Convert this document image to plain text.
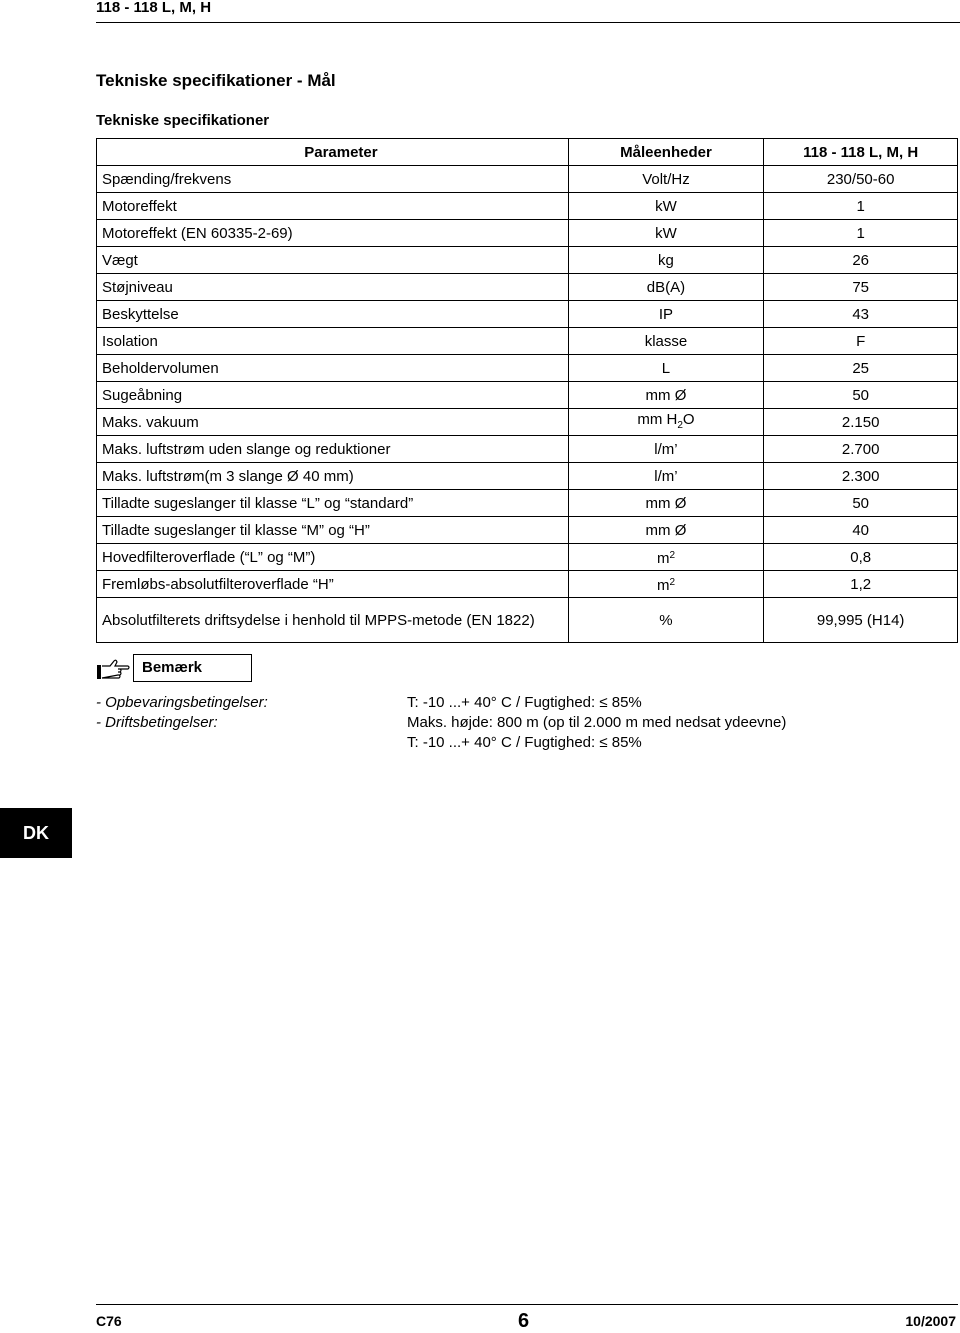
118 - 118 L, M, H
Tekniske specifikationer - Mål
Tekniske specifikationer
Parameter	Måleenheder	118 - 118 L, M, H
Spænding/frekvens	Volt/Hz	230/50-60
Motoreffekt	kW	1
Motoreffekt (EN 60335-2-69)	kW	1
Vægt	kg	26
Støjniveau	dB(A)	75
Beskyttelse	IP	43
Isolation	klasse	F
Beholdervolumen	L	25
Sugeåbning	mm Ø	50
Maks. vakuum	mm $H_2O$	2.150
Maks. luftstrøm uden slange og reduktioner	l/m’	2.700
Maks. luftstrøm(m 3 slange Ø 40 mm)	l/m’	2.300
Tilladte sugeslanger til klasse “L” og “standard”	mm Ø	50
Tilladte sugeslanger til klasse “M” og “H”	mm Ø	40
Hovedfilteroverflade (“L” og “M”)	$m^2$	0,8
Fremløbs-absolutfilteroverflade “H”	$m^2$	1,2
Absolutfilterets driftsydelse i henhold til MPPS-metode (EN 1822)	%	99,995 (H14)
Bemærk
- Opbevaringsbetingelser:	T: -10 ...+ 40° C / Fugtighed: ≤ 85%
- Driftsbetingelser:	Maks. højde: 800 m (op til 2.000 m med nedsat ydeevne)
T: -10 ...+ 40° C / Fugtighed: ≤ 85%
DK
C76	6	10/2007
